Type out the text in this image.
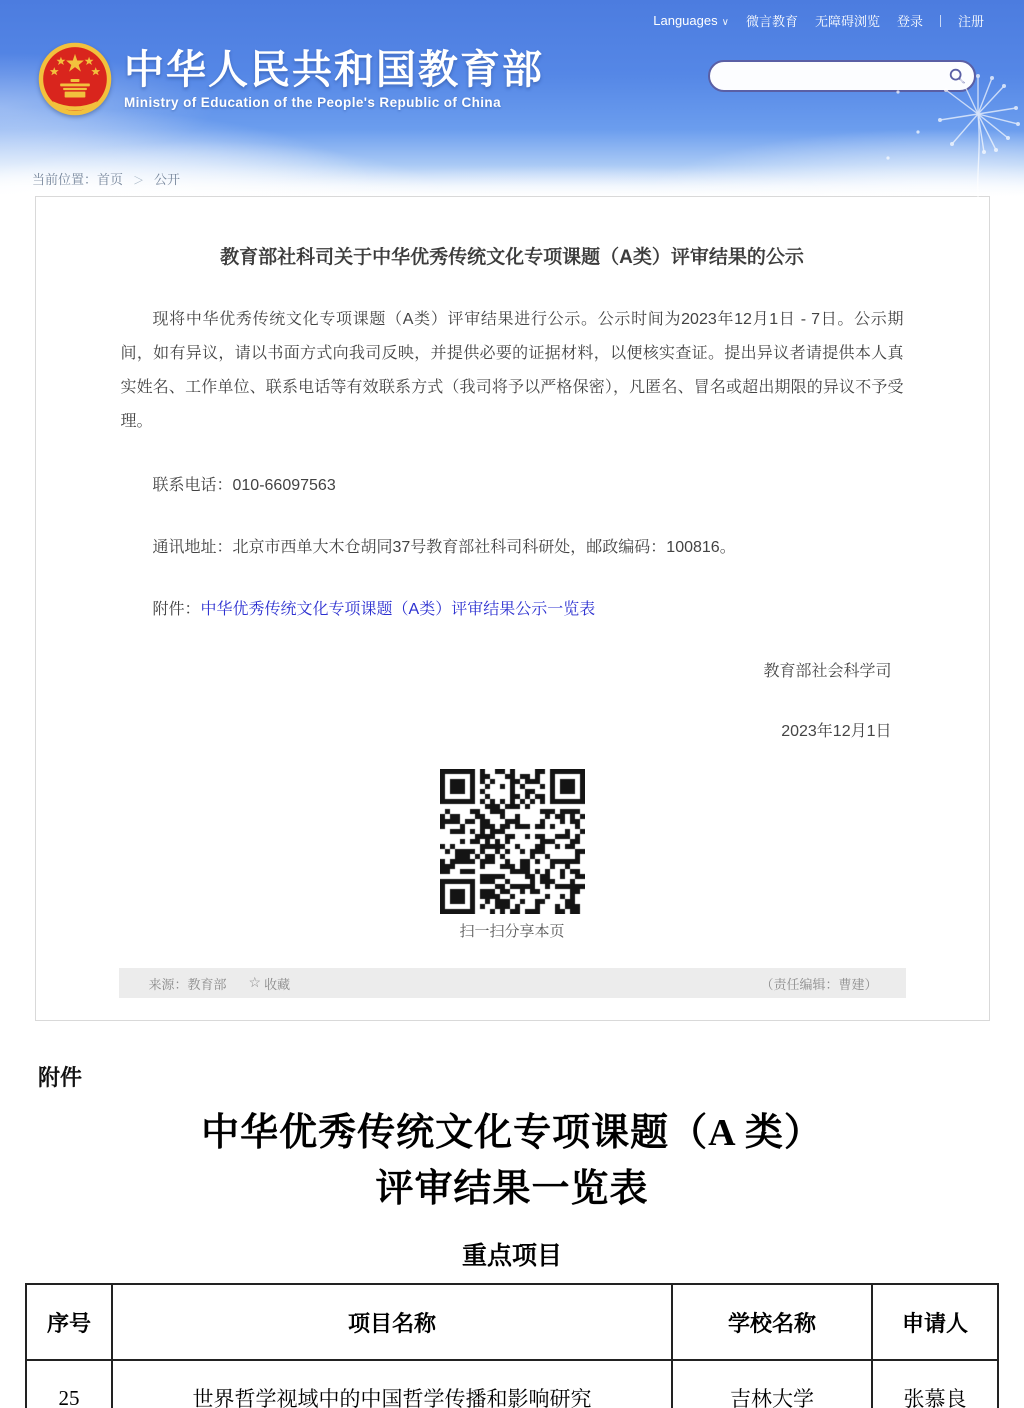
Languages ∨ 微言教育 无障碍浏览 登录	注册
中华人民共和国教育部
Ministry of Education of the People's Republic of China
当前位置：首页 ＞ 公开
教育部社科司关于中华优秀传统文化专项课题（A类）评审结果的公示

现将中华优秀传统文化专项课题（A类）评审结果进行公示。公示时间为2023年12月1日 - 7日。公示期间，如有异议，请以书面方式向我司反映，并提供必要的证据材料，以便核实查证。提出异议者请提供本人真实姓名、工作单位、联系电话等有效联系方式（我司将予以严格保密），凡匿名、冒名或超出期限的异议不予受理。

联系电话：010-66097563

通讯地址：北京市西单大木仓胡同37号教育部社科司科研处，邮政编码：100816。

附件：中华优秀传统文化专项课题（A类）评审结果公示一览表

教育部社会科学司

2023年12月1日

扫一扫分享本页
来源：教育部 ☆ 收藏	（责任编辑：曹建）
附件
中华优秀传统文化专项课题（A 类）
评审结果一览表
重点项目
序号	项目名称	学校名称	申请人
25	世界哲学视域中的中国哲学传播和影响研究	吉林大学	张慕良
